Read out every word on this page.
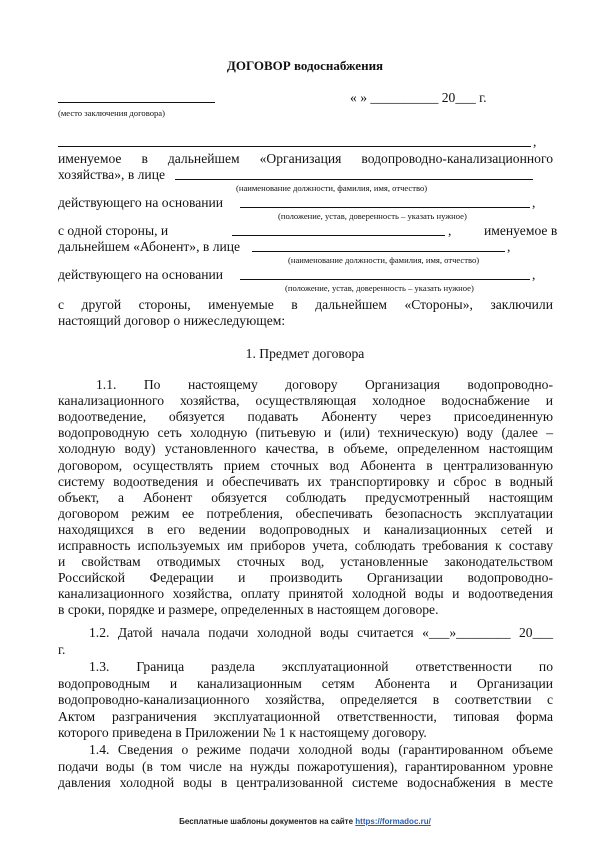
ДОГОВОР водоснабжения
« » __________ 20___ г.
(место заключения договора)
,
именуемое в дальнейшем «Организация водопроводно-канализационного
хозяйства», в лице
(наименование должности, фамилия, имя, отчество)
действующего на основании	,
(положение, устав, доверенность – указать нужное)
с одной стороны, и	, именуемое в
дальнейшем «Абонент», в лице	,
(наименование должности, фамилия, имя, отчество)
действующего на основании	,
(положение, устав, доверенность – указать нужное)
с другой стороны, именуемые в дальнейшем «Стороны», заключили
настоящий договор о нижеследующем:
1. Предмет договора
1.1. По настоящему договору Организация водопроводно-
канализационного хозяйства, осуществляющая холодное водоснабжение и
водоотведение, обязуется подавать Абоненту через присоединенную
водопроводную сеть холодную (питьевую и (или) техническую) воду (далее –
холодную воду) установленного качества, в объеме, определенном настоящим
договором, осуществлять прием сточных вод Абонента в централизованную
систему водоотведения и обеспечивать их транспортировку и сброс в водный
объект, а Абонент обязуется соблюдать предусмотренный настоящим
договором режим ее потребления, обеспечивать безопасность эксплуатации
находящихся в его ведении водопроводных и канализационных сетей и
исправность используемых им приборов учета, соблюдать требования к составу
и свойствам отводимых сточных вод, установленные законодательством
Российской Федерации и производить Организации водопроводно-
канализационного хозяйства, оплату принятой холодной воды и водоотведения
в сроки, порядке и размере, определенных в настоящем договоре.
1.2. Датой начала подачи холодной воды считается «___»________ 20___
г.
1.3. Граница раздела эксплуатационной ответственности по
водопроводным и канализационным сетям Абонента и Организации
водопроводно-канализационного хозяйства, определяется в соответствии с
Актом разграничения эксплуатационной ответственности, типовая форма
которого приведена в Приложении № 1 к настоящему договору.
1.4. Сведения о режиме подачи холодной воды (гарантированном объеме
подачи воды (в том числе на нужды пожаротушения), гарантированном уровне
давления холодной воды в централизованной системе водоснабжения в месте
Бесплатные шаблоны документов на сайте https://formadoc.ru/
